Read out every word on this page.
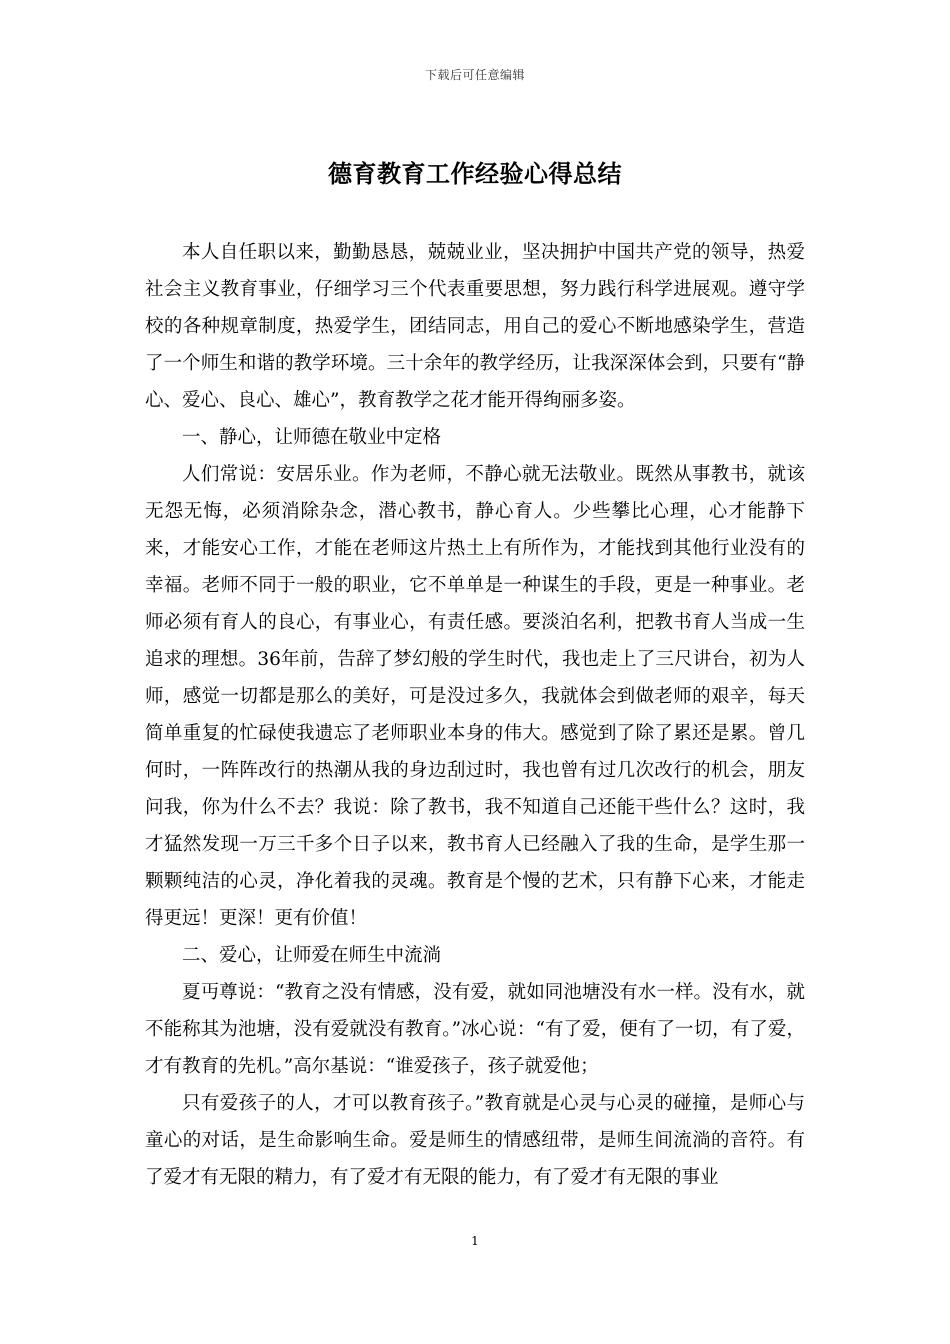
下载后可任意编辑
德育教育工作经验心得总结

本人自任职以来，勤勤恳恳，兢兢业业，坚决拥护中国共产党的领导，热爱社会主义教育事业，仔细学习三个代表重要思想，努力践行科学进展观。遵守学校的各种规章制度，热爱学生，团结同志，用自己的爱心不断地感染学生，营造了一个师生和谐的教学环境。三十余年的教学经历，让我深深体会到，只要有“静心、爱心、良心、雄心”，教育教学之花才能开得绚丽多姿。

一、静心，让师德在敬业中定格

人们常说：安居乐业。作为老师，不静心就无法敬业。既然从事教书，就该无怨无悔，必须消除杂念，潜心教书，静心育人。少些攀比心理，心才能静下来，才能安心工作，才能在老师这片热土上有所作为，才能找到其他行业没有的幸福。老师不同于一般的职业，它不单单是一种谋生的手段，更是一种事业。老师必须有育人的良心，有事业心，有责任感。要淡泊名利，把教书育人当成一生追求的理想。36年前，告辞了梦幻般的学生时代，我也走上了三尺讲台，初为人师，感觉一切都是那么的美好，可是没过多久，我就体会到做老师的艰辛，每天简单重复的忙碌使我遗忘了老师职业本身的伟大。感觉到了除了累还是累。曾几何时，一阵阵改行的热潮从我的身边刮过时，我也曾有过几次改行的机会，朋友问我，你为什么不去？我说：除了教书，我不知道自己还能干些什么？这时，我才猛然发现一万三千多个日子以来，教书育人已经融入了我的生命，是学生那一颗颗纯洁的心灵，净化着我的灵魂。教育是个慢的艺术，只有静下心来，才能走得更远！更深！更有价值！

二、爱心，让师爱在师生中流淌

夏丏尊说：“教育之没有情感，没有爱，就如同池塘没有水一样。没有水，就不能称其为池塘，没有爱就没有教育。”冰心说：“有了爱，便有了一切，有了爱，才有教育的先机。”高尔基说：“谁爱孩子，孩子就爱他；

只有爱孩子的人，才可以教育孩子。”教育就是心灵与心灵的碰撞，是师心与童心的对话，是生命影响生命。爱是师生的情感纽带，是师生间流淌的音符。有了爱才有无限的精力，有了爱才有无限的能力，有了爱才有无限的事业

1
